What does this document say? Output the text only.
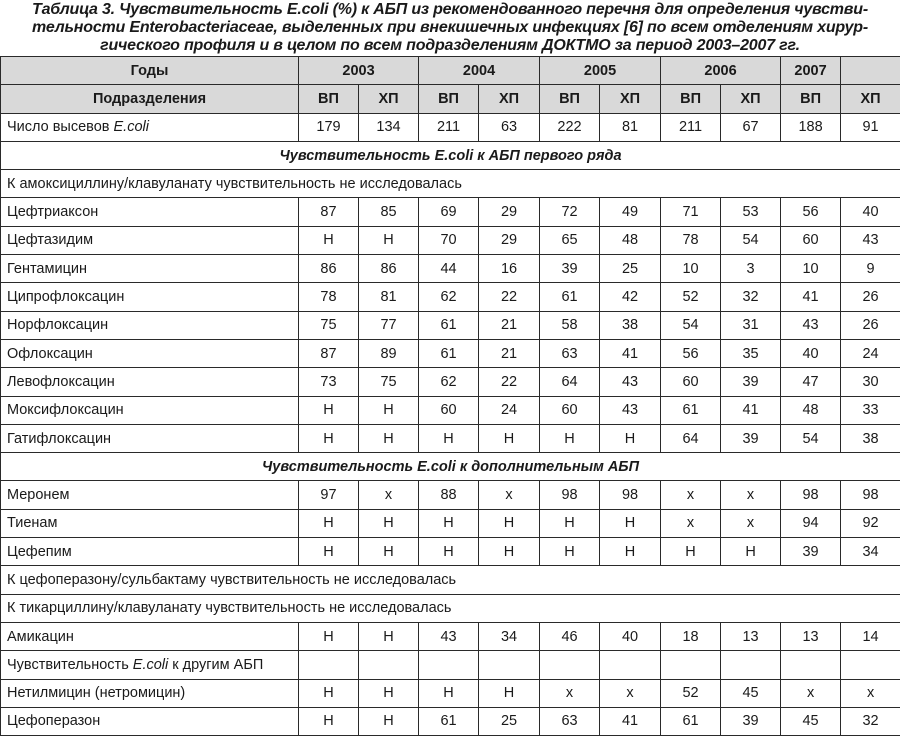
Таблица 3. Чувствительность E.coli (%) к АБП из рекомендованного перечня для определения чувстви-
тельности Enterobacteriaceae, выделенных при внекишечных инфекциях [6] по всем отделениям хирур-
гического профиля и в целом по всем подразделениям ДОКТМО за период 2003–2007 гг.
Годы	2003		2004		2005		2006		2007	
Подразделения	ВП	ХП	ВП	ХП	ВП	ХП	ВП	ХП	ВП	ХП
Число высевов E.coli	179	134	211	63	222	81	211	67	188	91
Чувствительность E.coli к АБП первого ряда										
К амоксициллину/клавуланату чувствительность не исследовалась										
Цефтриаксон	87	85	69	29	72	49	71	53	56	40
Цефтазидим	Н	Н	70	29	65	48	78	54	60	43
Гентамицин	86	86	44	16	39	25	10	3	10	9
Ципрофлоксацин	78	81	62	22	61	42	52	32	41	26
Норфлоксацин	75	77	61	21	58	38	54	31	43	26
Офлоксацин	87	89	61	21	63	41	56	35	40	24
Левофлоксацин	73	75	62	22	64	43	60	39	47	30
Моксифлоксацин	Н	Н	60	24	60	43	61	41	48	33
Гатифлоксацин	Н	Н	Н	Н	Н	Н	64	39	54	38
Чувствительность E.coli к дополнительным АБП										
Меронем	97	х	88	х	98	98	х	х	98	98
Тиенам	Н	Н	Н	Н	Н	Н	х	х	94	92
Цефепим	Н	Н	Н	Н	Н	Н	Н	Н	39	34
К цефоперазону/сульбактаму чувствительность не исследовалась										
К тикарциллину/клавуланату чувствительность не исследовалась										
Амикацин	Н	Н	43	34	46	40	18	13	13	14
Чувствительность E.coli к другим АБП										
Нетилмицин (нетромицин)	Н	Н	Н	Н	х	х	52	45	х	х
Цефоперазон	Н	Н	61	25	63	41	61	39	45	32
